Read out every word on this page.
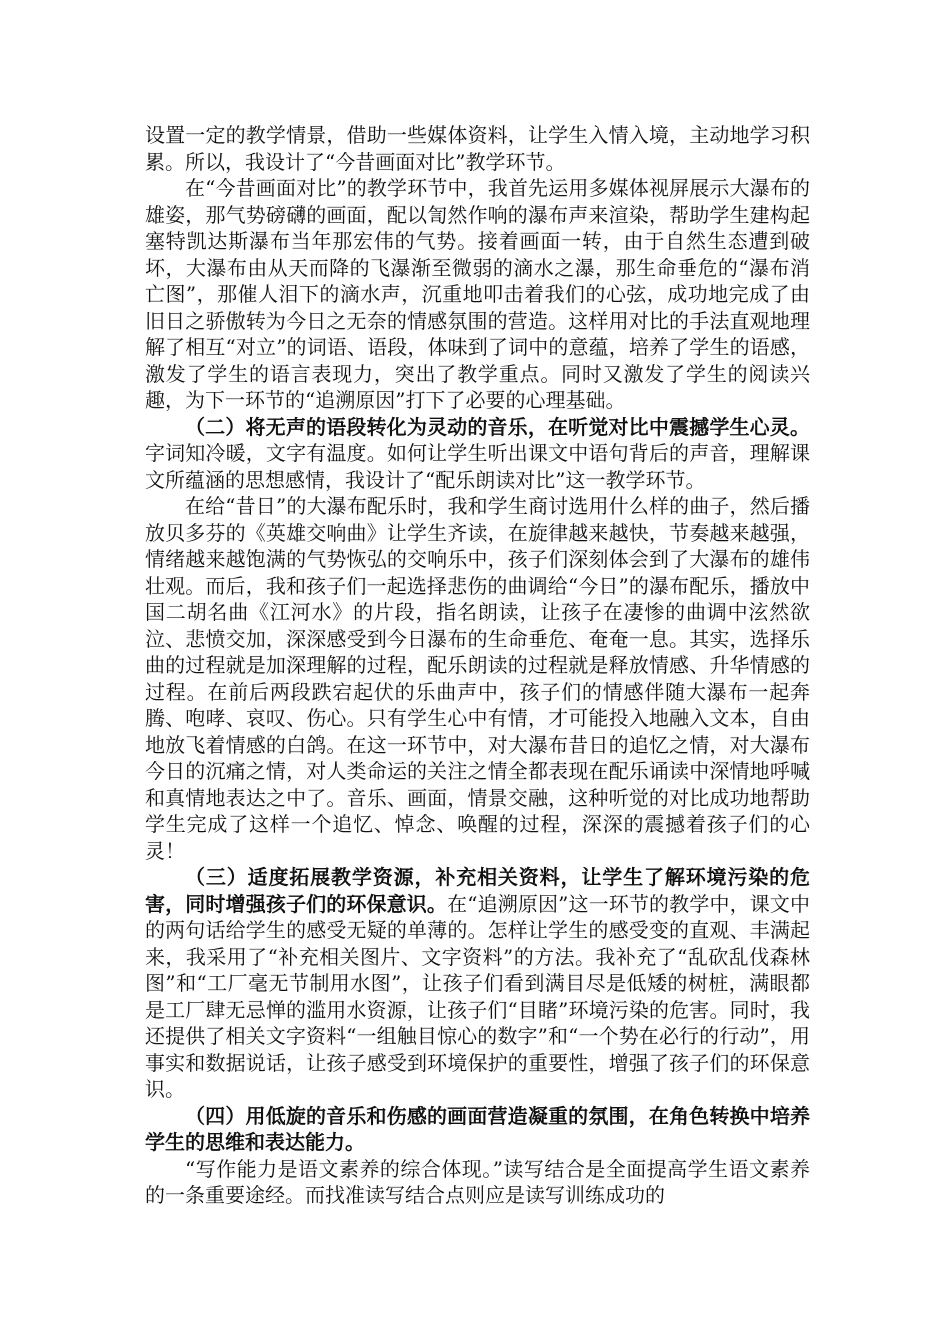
设置一定的教学情景，借助一些媒体资料，让学生入情入境，主动地学习积累。所以，我设计了“今昔画面对比”教学环节。

在“今昔画面对比”的教学环节中，我首先运用多媒体视屏展示大瀑布的雄姿，那气势磅礴的画面，配以訇然作响的瀑布声来渲染，帮助学生建构起塞特凯达斯瀑布当年那宏伟的气势。接着画面一转，由于自然生态遭到破坏，大瀑布由从天而降的飞瀑渐至微弱的滴水之瀑，那生命垂危的“瀑布消亡图”，那催人泪下的滴水声，沉重地叩击着我们的心弦，成功地完成了由旧日之骄傲转为今日之无奈的情感氛围的营造。这样用对比的手法直观地理解了相互“对立”的词语、语段，体味到了词中的意蕴，培养了学生的语感，激发了学生的语言表现力，突出了教学重点。同时又激发了学生的阅读兴趣，为下一环节的“追溯原因”打下了必要的心理基础。

（二）将无声的语段转化为灵动的音乐，在听觉对比中震撼学生心灵。字词知冷暖，文字有温度。如何让学生听出课文中语句背后的声音，理解课文所蕴涵的思想感情，我设计了“配乐朗读对比”这一教学环节。

在给“昔日”的大瀑布配乐时，我和学生商讨选用什么样的曲子，然后播放贝多芬的《英雄交响曲》让学生齐读，在旋律越来越快，节奏越来越强，情绪越来越饱满的气势恢弘的交响乐中，孩子们深刻体会到了大瀑布的雄伟壮观。而后，我和孩子们一起选择悲伤的曲调给“今日”的瀑布配乐，播放中国二胡名曲《江河水》的片段，指名朗读，让孩子在凄惨的曲调中泫然欲泣、悲愤交加，深深感受到今日瀑布的生命垂危、奄奄一息。其实，选择乐曲的过程就是加深理解的过程，配乐朗读的过程就是释放情感、升华情感的过程。在前后两段跌宕起伏的乐曲声中，孩子们的情感伴随大瀑布一起奔腾、咆哮、哀叹、伤心。只有学生心中有情，才可能投入地融入文本，自由地放飞着情感的白鸽。在这一环节中，对大瀑布昔日的追忆之情，对大瀑布今日的沉痛之情，对人类命运的关注之情全都表现在配乐诵读中深情地呼喊和真情地表达之中了。音乐、画面，情景交融，这种听觉的对比成功地帮助学生完成了这样一个追忆、悼念、唤醒的过程，深深的震撼着孩子们的心灵！

（三）适度拓展教学资源，补充相关资料，让学生了解环境污染的危害，同时增强孩子们的环保意识。在“追溯原因”这一环节的教学中，课文中的两句话给学生的感受无疑的单薄的。怎样让学生的感受变的直观、丰满起来，我采用了“补充相关图片、文字资料”的方法。我补充了“乱砍乱伐森林图”和“工厂毫无节制用水图”，让孩子们看到满目尽是低矮的树桩，满眼都是工厂肆无忌惮的滥用水资源，让孩子们“目睹”环境污染的危害。同时，我还提供了相关文字资料“一组触目惊心的数字”和“一个势在必行的行动”，用事实和数据说话，让孩子感受到环境保护的重要性，增强了孩子们的环保意识。

（四）用低旋的音乐和伤感的画面营造凝重的氛围，在角色转换中培养学生的思维和表达能力。

“写作能力是语文素养的综合体现。”读写结合是全面提高学生语文素养的一条重要途经。而找准读写结合点则应是读写训练成功的
